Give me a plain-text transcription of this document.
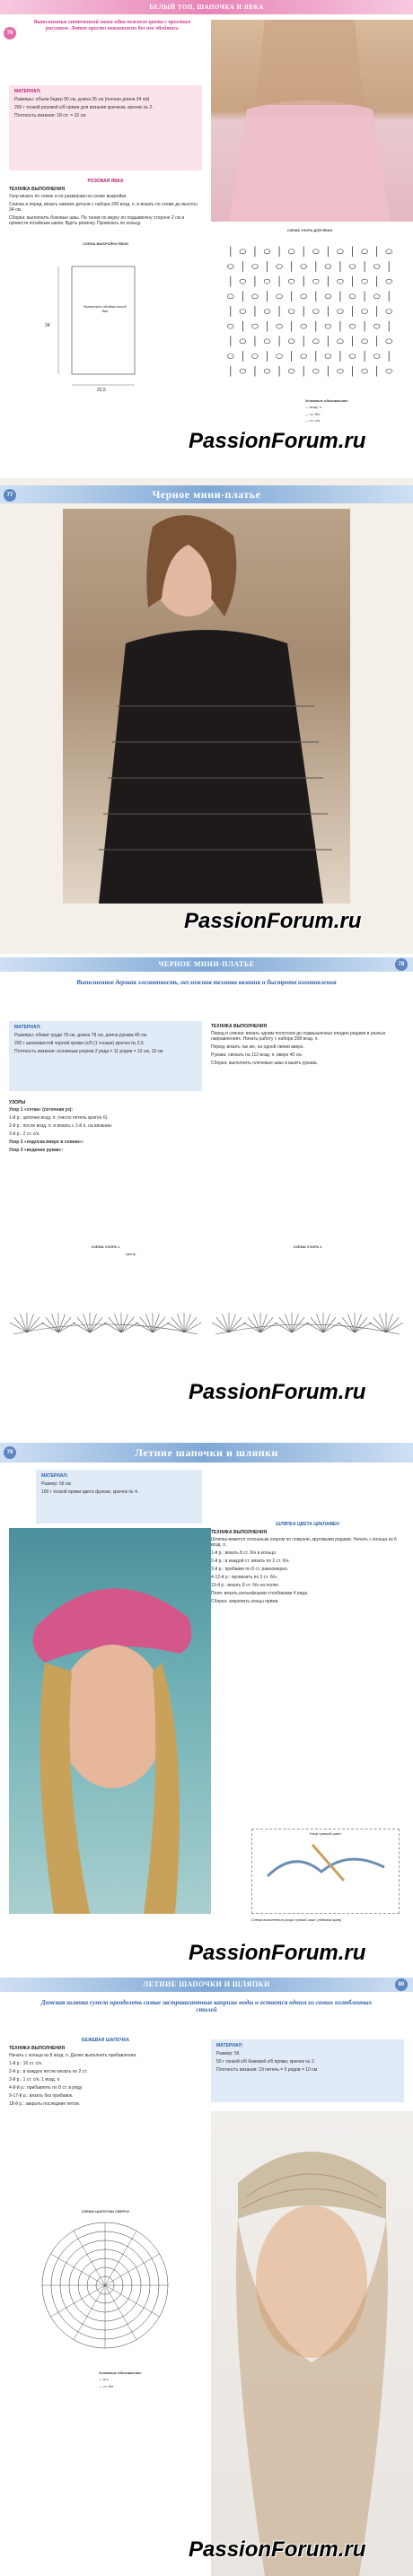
БЕЛЫЙ ТОП, ШАПОЧКА И ЯБКА
76
Выполненные отточенной мини-обка нежного цвета с простым рисунком. Летом просто невозможно без нее обойтись
МАТЕРИАЛ:
Размеры: объем бедер 90 см, длина 35 см (полная длина 34 см)
200 г тонкой розовой х/б пряжи для вязания крючком, крючок № 2.
Плотность вязания: 18 сп. = 10 см
РОЗОВАЯ ЯБКА
ТЕХНИКА ВЫПОЛНЕНИЯ
Узор вязать по схеме и по размерам на схеме выкройки.
Спинка и перед: вязать нижнее детали с набора 200 возд. п. в вязать по схеме до высоты 34 см.
Сборка: выполнить боковые швы. По талии по верху по подшивочну стороне 2 см и провести потайным швом. Вдеть резинку. Провязать по кольцу.
СХЕМА ВЫКРОЙКИ ЯБКИ
34
22,5
Выполнить обойма пособ бин
СХЕМА УЗОРА ДЛЯ ЯБКИ
Условные обозначения:
— возд. п.
— ст. б/н
— ст. с/н
PassionForum.ru
Черное мини-платье
77
PassionForum.ru
ЧЕРНОЕ МИНИ-ПЛАТЬЕ	78
Выполненное дерзкая элегантность, несложная техника вязания и быстрота изготовления
МАТЕРИАЛ:
Размеры: обхват груди 78 см, длина 78 см, длина рукава 40 см.
200 г шелковистой черной пряжи (х/б (1 тонкая) крючок № 2,5.
Плотность вязания: основным узором 2 ряда = 11 рядов = 10 см, 10 см
УЗОРЫ
Узор 1 «сетка» (сеточная уз):
1-й р.: цепочки возд. п. (число петель кратно 6).
2-й р.: после возд. п. и вязать с 1-й п. на вязании.
3-й р.: 2 ст. с/н.
Узор 2 «подоска вверх в спинке»:
Узор 3 «ведение рукав»:
ТЕХНИКА ВЫПОЛНЕНИЯ
Перед и спинка: вязать одним полотном до подмышечных впадин рядами в разных направлениях. Начать работу с набора 308 возд. п.
Перед: вязать так же, на одной линии вверх.
Рукава: связать на 112 возд. п. вверх 40 см.
Сборка: выполнить плечевые швы и вшить рукава.
СХЕМА УЗОРА 1
Центр
СХЕМА УЗОРА 2
PassionForum.ru
Летние шапочки и шляпки
79
МАТЕРИАЛ:
Размер: 56 см
100 г тонкой пряжи цвета фуксии, крючок № 4.
ШЛЯПКА ЦВЕТА ЦИКЛАМЕН
ТЕХНИКА ВЫПОЛНЕНИЯ
Шляпка вяжется сплошным узором по спирали, круговыми рядами. Начать с кольца из 6 возд. п.
1-й р.: вязать 8 ст. б/н в кольцо.
2-й р.: в каждой ст. вязать по 2 ст. б/н.
3-й р.: прибавки по 8 ст. равномерно.
4-12-й р.: провязать по 3 ст. б/н.
13-й р.: вязать 8 ст. б/н на полях.
Поля: вязать рельефными столбиками 4 ряда.
Сборка: закрепить концы пряжи.
Узор «рачий шаг»
Схема выполнения узора «рачий шаг» (обвязка края)
PassionForum.ru
ЛЕТНИЕ ШАПОЧКИ И ШЛЯПКИ	80
Дамская шляпка сумела преодолеть самые экстравагантные капризы моды и остается одним из самых излюбленных стилей
БЕЖЕВАЯ ШАПОЧКА
ТЕХНИКА ВЫПОЛНЕНИЯ
Начать с кольца из 8 возд. п. Далее выполнять прибавления.
1-й р.: 16 ст. с/н.
2-й р.: в каждую петлю вязать по 2 ст.
3-й р.: 1 ст. с/н, 1 возд. п.
4-8-й р.: прибавлять по 8 ст. в ряду.
9-17-й р.: вязать без прибавок.
18-й р.: закрыть последние петли.
МАТЕРИАЛ:
Размер: 56
50 г тонкой х/б бежевой х/б пряжи, крючок № 2.
Плотность вязания: 19 петель = 5 рядов = 10 см
СХЕМА ШАПОЧКИ СВЕРХУ
Условные обозначения:
— в.п.
— ст. б/н
PassionForum.ru
